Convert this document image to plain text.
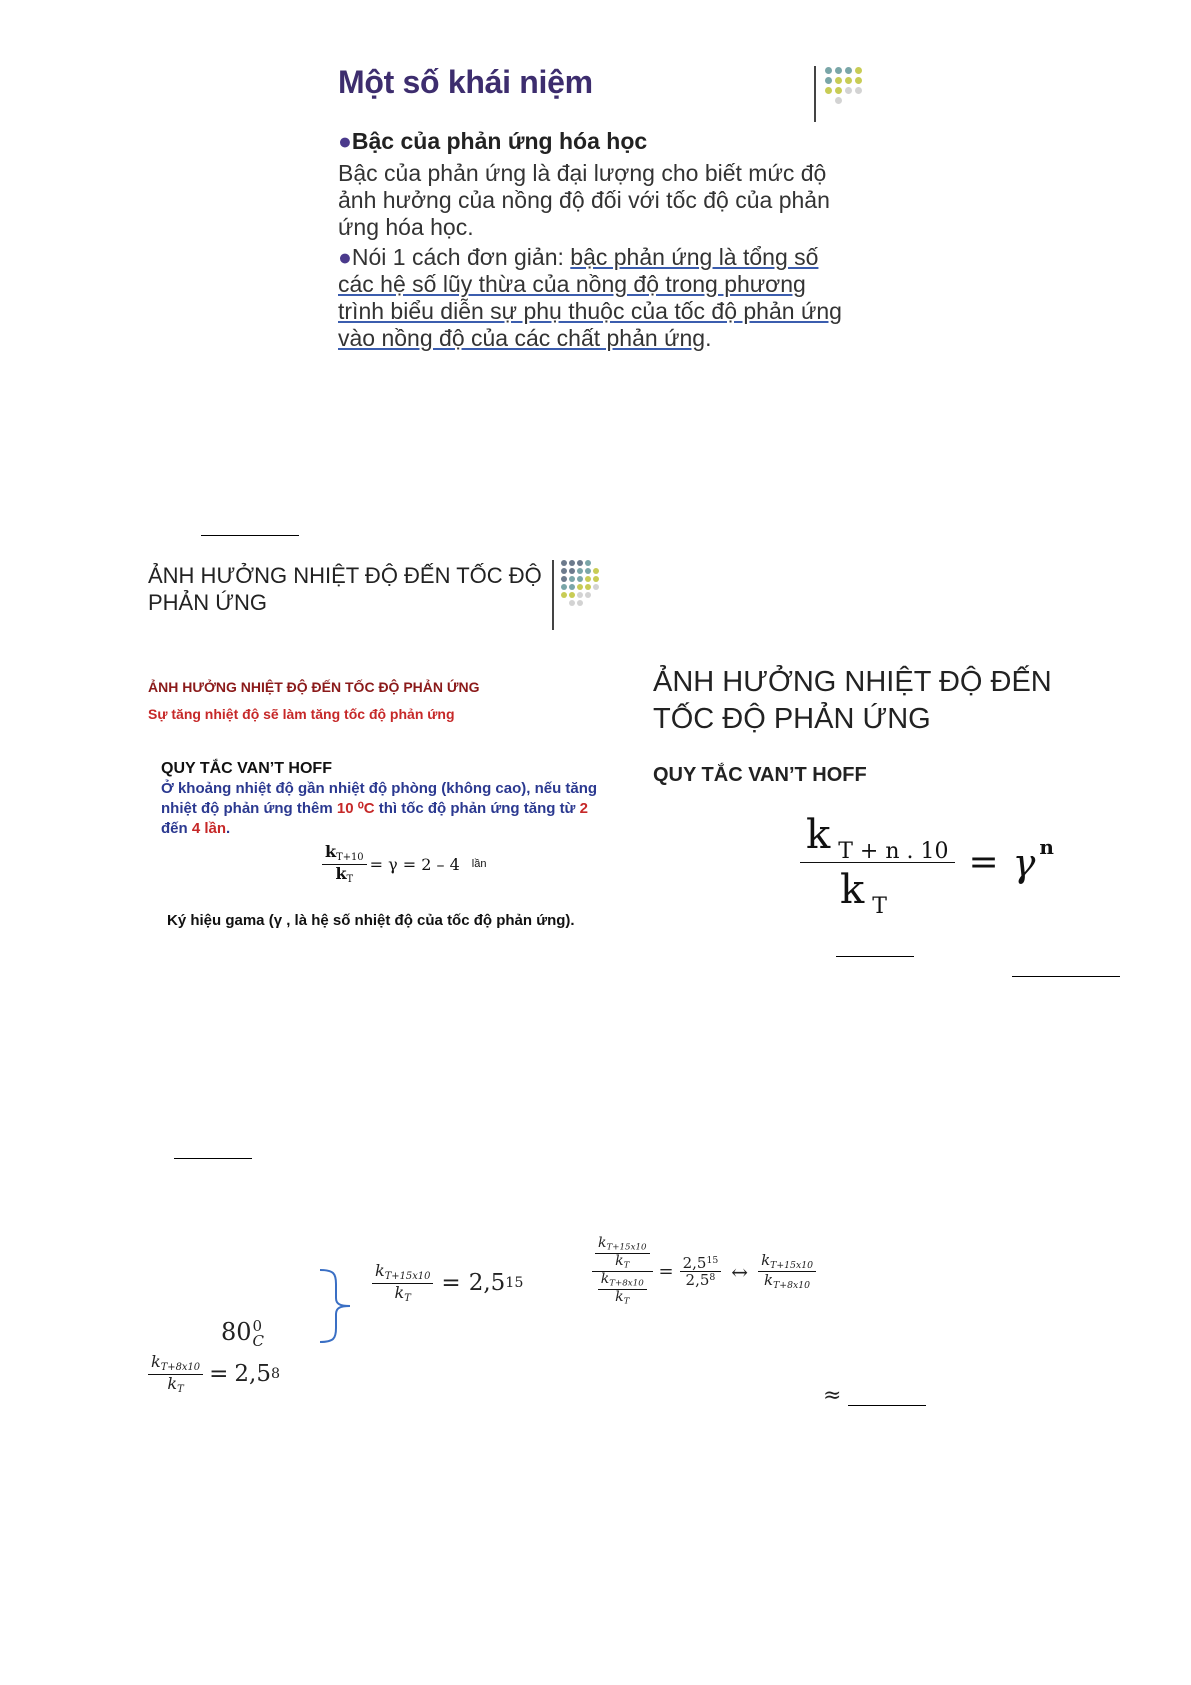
Một số khái niệm
●Bậc của phản ứng hóa học
Bậc của phản ứng là đại lượng cho biết mức độ ảnh hưởng của nồng độ đối với tốc độ của phản ứng hóa học.
●Nói 1 cách đơn giản: bậc phản ứng là tổng số các hệ số lũy thừa của nồng độ trong phương trình biểu diễn sự phụ thuộc của tốc độ phản ứng vào nồng độ của các chất phản ứng.
ẢNH HƯỞNG NHIỆT ĐỘ ĐẾN TỐC ĐỘ PHẢN ỨNG
ẢNH HƯỞNG NHIỆT ĐỘ ĐẾN TỐC ĐỘ PHẢN ỨNG
Sự tăng nhiệt độ sẽ làm tăng tốc độ phản ứng
QUY TẮC VAN’T HOFF
Ở khoảng nhiệt độ gần nhiệt độ phòng (không cao), nếu tăng nhiệt độ phản ứng thêm 10 ⁰C thì tốc độ phản ứng tăng từ 2 đến 4 lần.
$\frac{k_{T+10}}{k_T} = \gamma = 2 - 4$ lần
Ký hiệu gama (γ , là hệ số nhiệt độ của tốc độ phản ứng).
ẢNH HƯỞNG NHIỆT ĐỘ ĐẾN TỐC ĐỘ PHẢN ỨNG
QUY TẮC VAN’T HOFF
$\frac{\text{k T + n . 10}}{\text{k T}} = \gamma$ n
$\frac{k_{T+15x10}}{k_T} = 2,5$ 15
80 0
C
$\frac{k_{T+8x10}}{k_T} = 2,5$ 8
$\frac{\frac{k_{T+15x10}}{k_T}}{\frac{k_{T+8x10}}{k_T}} = \frac{2,5^{15}}{2,5^8}$ ↔ $\frac{k_{T+15x10}}{k_{T+8x10}}$
≈
